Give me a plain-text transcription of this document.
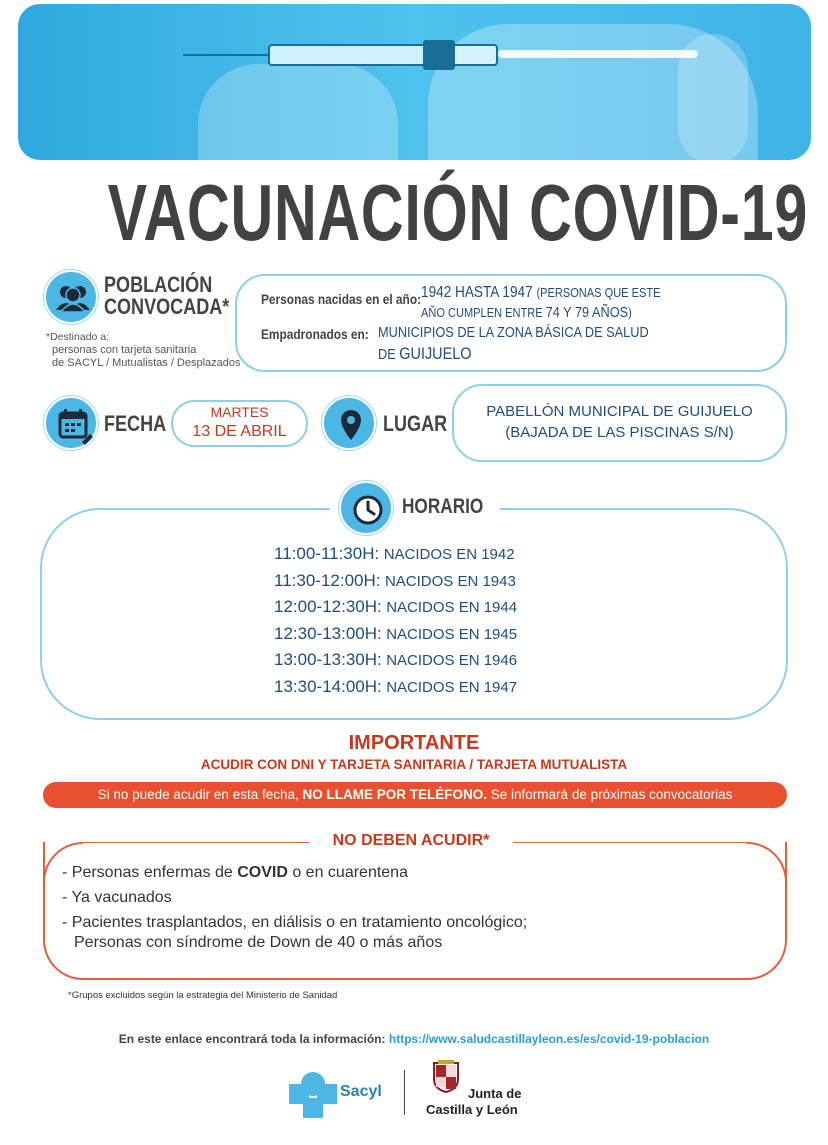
VACUNACIÓN COVID-19
POBLACIÓN
CONVOCADA*
*Destinado a:
personas con tarjeta sanitaria
de SACYL / Mutualistas / Desplazados
Personas nacidas en el año: 1942 HASTA 1947 (PERSONAS QUE ESTE
AÑO CUMPLEN ENTRE 74 Y 79 AÑOS)
Empadronados en: MUNICIPIOS DE LA ZONA BÁSICA DE SALUD
DE GUIJUELO
FECHA	MARTES
13 DE ABRIL	LUGAR	PABELLÓN MUNICIPAL DE GUIJUELO
(BAJADA DE LAS PISCINAS S/N)
HORARIO
11:00-11:30H: NACIDOS EN 1942
11:30-12:00H: NACIDOS EN 1943
12:00-12:30H: NACIDOS EN 1944
12:30-13:00H: NACIDOS EN 1945
13:00-13:30H: NACIDOS EN 1946
13:30-14:00H: NACIDOS EN 1947
IMPORTANTE
ACUDIR CON DNI Y TARJETA SANITARIA / TARJETA MUTUALISTA
Si no puede acudir en esta fecha, NO LLAME POR TELÉFONO. Se informará de próximas convocatorias
NO DEBEN ACUDIR*
- Personas enfermas de COVID o en cuarentena
- Ya vacunados
- Pacientes trasplantados, en diálisis o en tratamiento oncológico;
Personas con síndrome de Down de 40 o más años
*Grupos excluidos según la estrategia del Ministerio de Sanidad
En este enlace encontrará toda la información: https://www.saludcastillayleon.es/es/covid-19-poblacion
Sacyl	Junta de
Castilla y León
